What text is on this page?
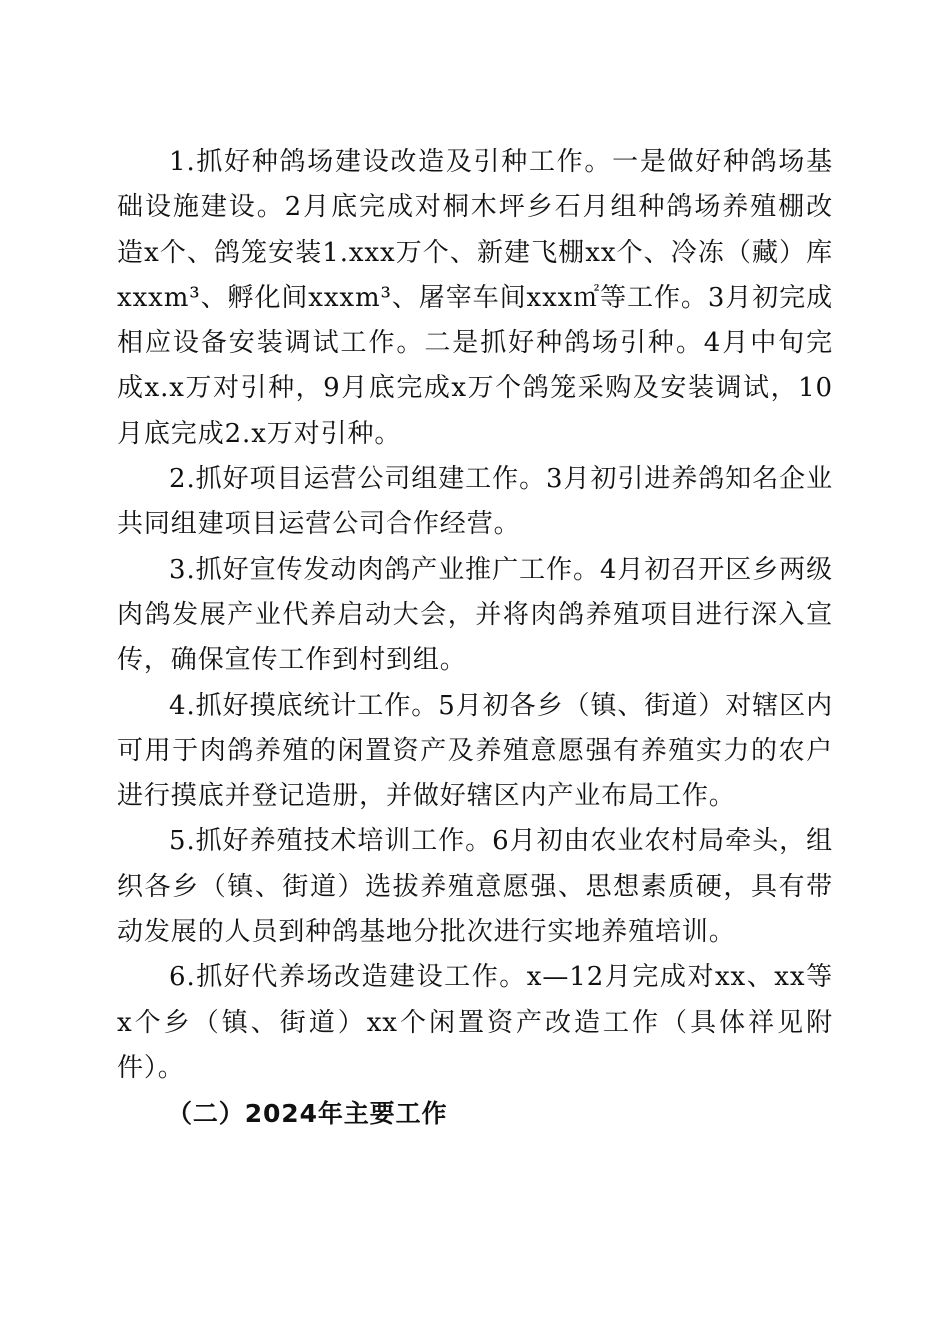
1.抓好种鸽场建设改造及引种工作。一是做好种鸽场基础设施建设。2月底完成对桐木坪乡石月组种鸽场养殖棚改造x个、鸽笼安装1.xxx万个、新建飞棚xx个、冷冻（藏）库xxxm³、孵化间xxxm³、屠宰车间xxx㎡等工作。3月初完成相应设备安装调试工作。二是抓好种鸽场引种。4月中旬完成x.x万对引种，9月底完成x万个鸽笼采购及安装调试，10月底完成2.x万对引种。

2.抓好项目运营公司组建工作。3月初引进养鸽知名企业共同组建项目运营公司合作经营。

3.抓好宣传发动肉鸽产业推广工作。4月初召开区乡两级肉鸽发展产业代养启动大会，并将肉鸽养殖项目进行深入宣传，确保宣传工作到村到组。

4.抓好摸底统计工作。5月初各乡（镇、街道）对辖区内可用于肉鸽养殖的闲置资产及养殖意愿强有养殖实力的农户进行摸底并登记造册，并做好辖区内产业布局工作。

5.抓好养殖技术培训工作。6月初由农业农村局牵头，组织各乡（镇、街道）选拔养殖意愿强、思想素质硬，具有带动发展的人员到种鸽基地分批次进行实地养殖培训。

6.抓好代养场改造建设工作。x—12月完成对xx、xx等x个乡（镇、街道）xx个闲置资产改造工作（具体祥见附件）。

（二）2024年主要工作
